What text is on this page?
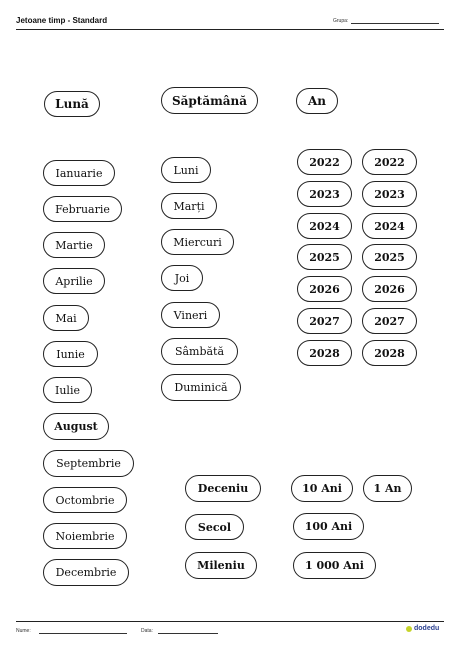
Jetoane timp - Standard	Grupa:
Lună	Săptămână	An
Ianuarie
Februarie
Martie
Aprilie
Mai
Iunie
Iulie
August
Septembrie
Octombrie
Noiembrie
Decembrie
Luni
Marți
Miercuri
Joi
Vineri
Sâmbătă
Duminică
2022
2023
2024
2025
2026
2027
2028
2022
2023
2024
2025
2026
2027
2028
Deceniu
Secol
Mileniu
10 Ani	1 An
100 Ani
1 000 Ani
Nume:	Data:	dodedu
